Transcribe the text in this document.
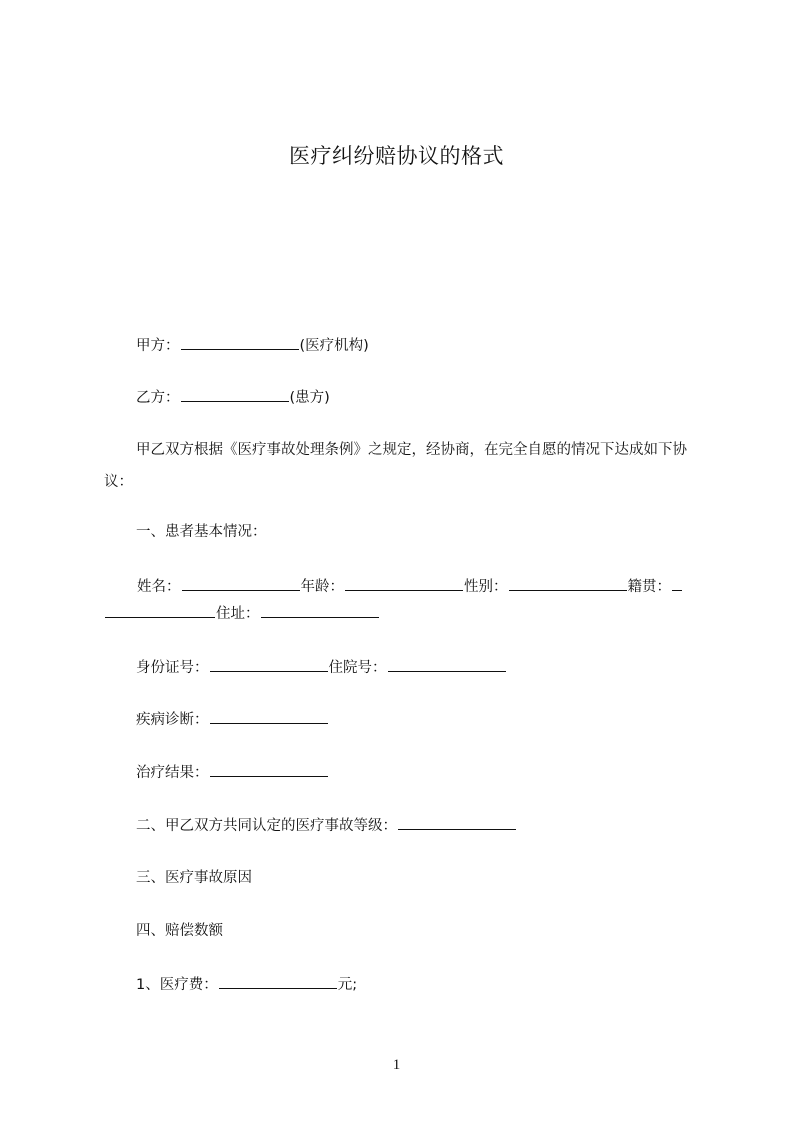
医疗纠纷赔协议的格式
甲方：	(医疗机构)
乙方：	(患方)
甲乙双方根据《医疗事故处理条例》之规定，经协商，在完全自愿的情况下达成如下协议：
一、患者基本情况：
姓名：	年龄：	性别：	籍贯：
住址：
身份证号：	住院号：
疾病诊断：
治疗结果：
二、甲乙双方共同认定的医疗事故等级：
三、医疗事故原因
四、赔偿数额
1、医疗费：	元;
1
